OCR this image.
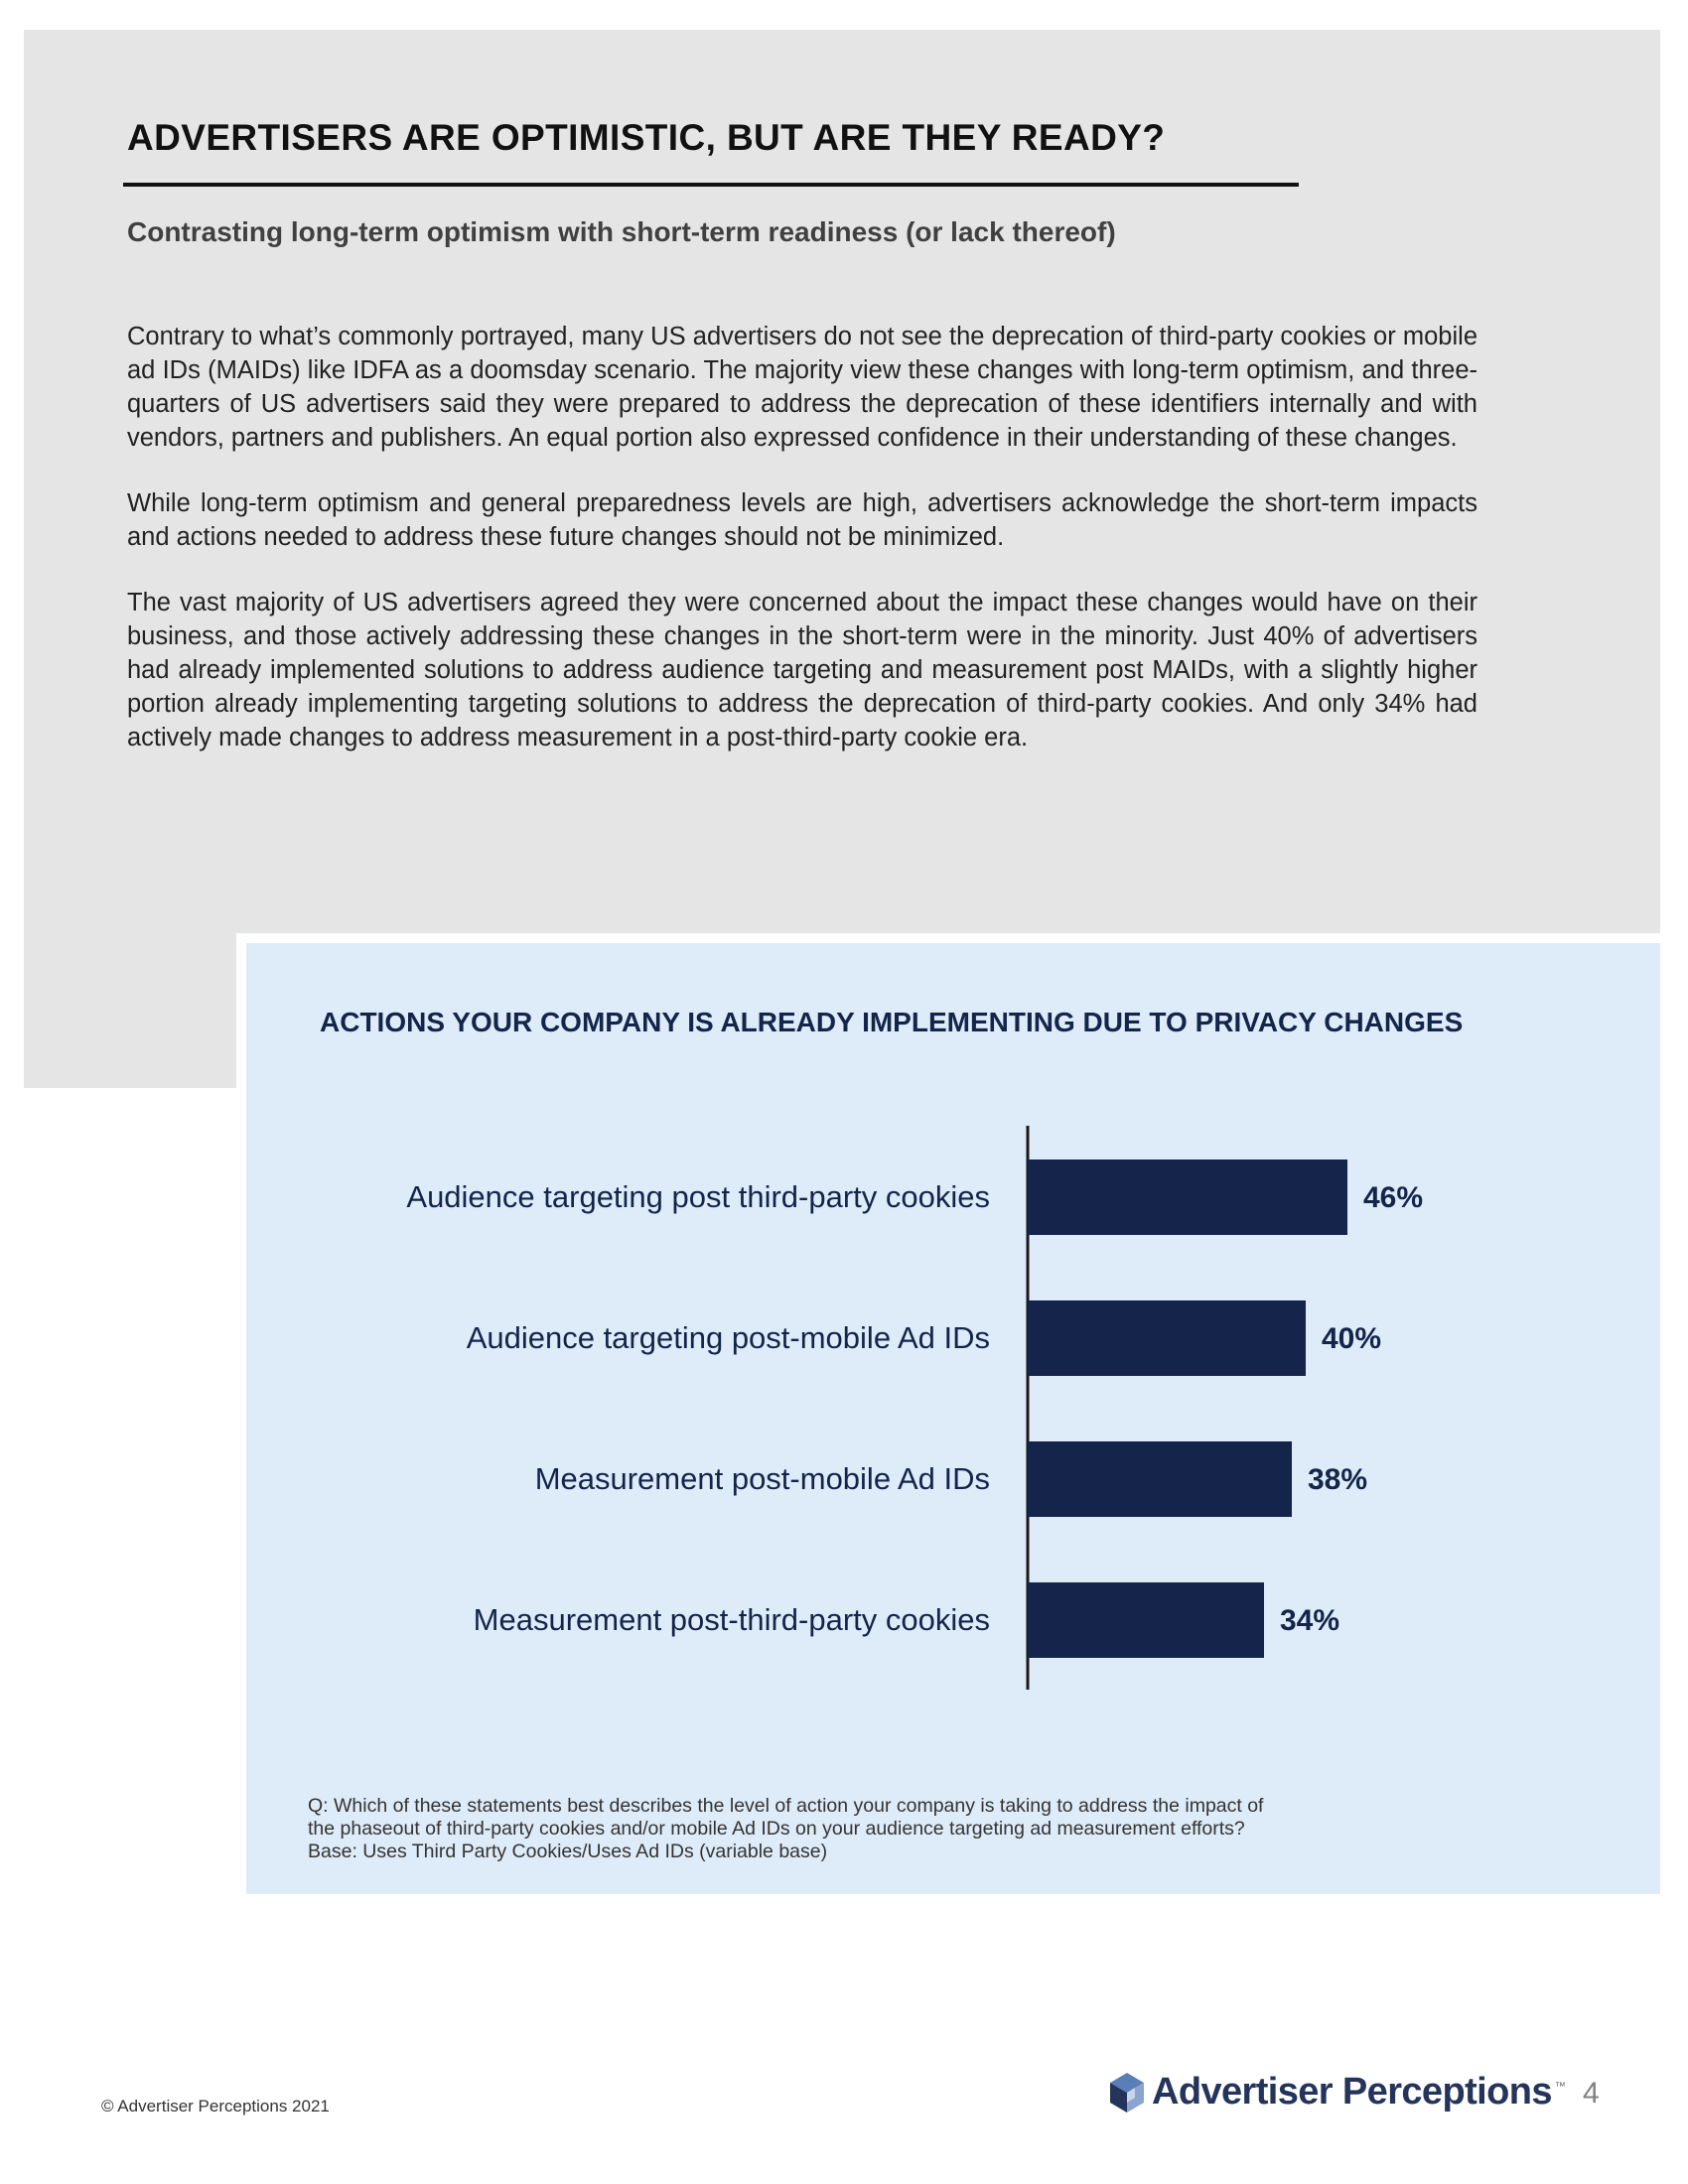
ADVERTISERS ARE OPTIMISTIC, BUT ARE THEY READY?
Contrasting long-term optimism with short-term readiness (or lack thereof)

Contrary to what’s commonly portrayed, many US advertisers do not see the deprecation of third-party cookies or mobile ad IDs (MAIDs) like IDFA as a doomsday scenario. The majority view these changes with long-term optimism, and three-quarters of US advertisers said they were prepared to address the deprecation of these identifiers internally and with vendors, partners and publishers. An equal portion also expressed confidence in their understanding of these changes.

While long-term optimism and general preparedness levels are high, advertisers acknowledge the short-term impacts and actions needed to address these future changes should not be minimized.

The vast majority of US advertisers agreed they were concerned about the impact these changes would have on their business, and those actively addressing these changes in the short-term were in the minority. Just 40% of advertisers had already implemented solutions to address audience targeting and measurement post MAIDs, with a slightly higher portion already implementing targeting solutions to address the deprecation of third-party cookies. And only 34% had actively made changes to address measurement in a post-third-party cookie era.

ACTIONS YOUR COMPANY IS ALREADY IMPLEMENTING DUE TO PRIVACY CHANGES
Audience targeting post third-party cookies	46%
Audience targeting post-mobile Ad IDs	40%
Measurement post-mobile Ad IDs	38%
Measurement post-third-party cookies	34%
Q: Which of these statements best describes the level of action your company is taking to address the impact of
the phaseout of third-party cookies and/or mobile Ad IDs on your audience targeting ad measurement efforts?
Base: Uses Third Party Cookies/Uses Ad IDs (variable base)
© Advertiser Perceptions 2021	Advertiser Perceptions ™ 4
